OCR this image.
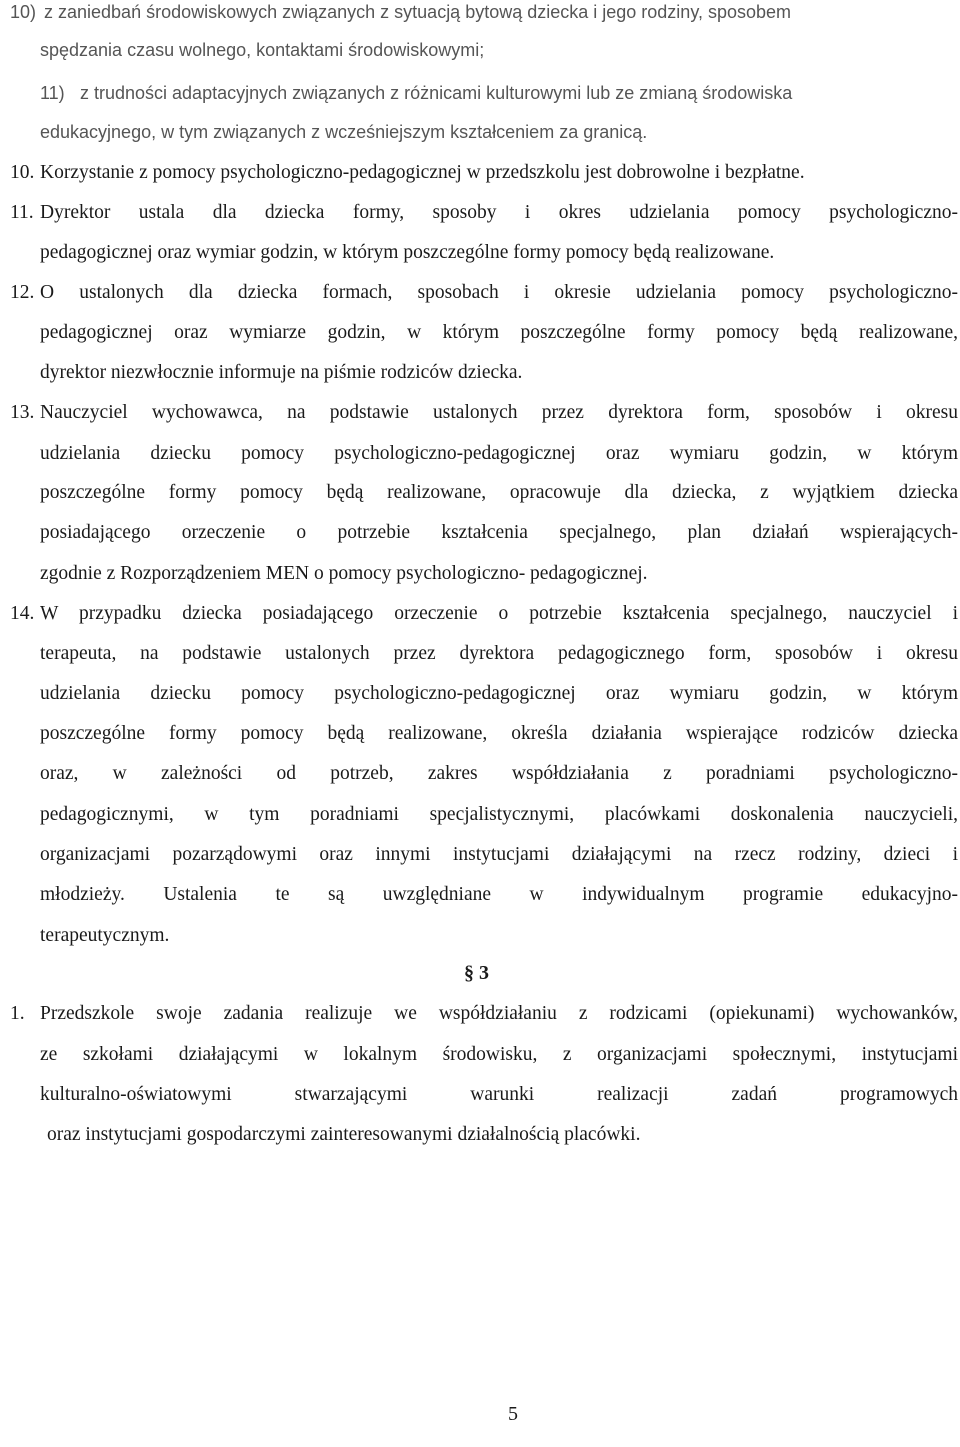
10) z zaniedbań środowiskowych związanych z sytuacją bytową dziecka i jego rodziny, sposobem
spędzania czasu wolnego, kontaktami środowiskowymi;
11) z trudności adaptacyjnych związanych z różnicami kulturowymi lub ze zmianą środowiska
edukacyjnego, w tym związanych z wcześniejszym kształceniem za granicą.
10. Korzystanie z pomocy psychologiczno-pedagogicznej w przedszkolu jest dobrowolne i bezpłatne.
11. Dyrektor ustala dla dziecka formy, sposoby i okres udzielania pomocy psychologiczno-
pedagogicznej oraz wymiar godzin, w którym poszczególne formy pomocy będą realizowane.
12. O ustalonych dla dziecka formach, sposobach i okresie udzielania pomocy psychologiczno-
pedagogicznej oraz wymiarze godzin, w którym poszczególne formy pomocy będą realizowane,
dyrektor niezwłocznie informuje na piśmie rodziców dziecka.
13. Nauczyciel wychowawca, na podstawie ustalonych przez dyrektora form, sposobów i okresu
udzielania dziecku pomocy psychologiczno-pedagogicznej oraz wymiaru godzin, w którym
poszczególne formy pomocy będą realizowane, opracowuje dla dziecka, z wyjątkiem dziecka
posiadającego orzeczenie o potrzebie kształcenia specjalnego, plan działań wspierających-
zgodnie z Rozporządzeniem MEN o pomocy psychologiczno- pedagogicznej.
14. W przypadku dziecka posiadającego orzeczenie o potrzebie kształcenia specjalnego, nauczyciel i
terapeuta, na podstawie ustalonych przez dyrektora pedagogicznego form, sposobów i okresu
udzielania dziecku pomocy psychologiczno-pedagogicznej oraz wymiaru godzin, w którym
poszczególne formy pomocy będą realizowane, określa działania wspierające rodziców dziecka
oraz, w zależności od potrzeb, zakres współdziałania z poradniami psychologiczno-
pedagogicznymi, w tym poradniami specjalistycznymi, placówkami doskonalenia nauczycieli,
organizacjami pozarządowymi oraz innymi instytucjami działającymi na rzecz rodziny, dzieci i
młodzieży. Ustalenia te są uwzględniane w indywidualnym programie edukacyjno-
terapeutycznym.
§ 3
1. Przedszkole swoje zadania realizuje we współdziałaniu z rodzicami (opiekunami) wychowanków,
ze szkołami działającymi w lokalnym środowisku, z organizacjami społecznymi, instytucjami
kulturalno-oświatowymi stwarzającymi warunki realizacji zadań programowych
oraz instytucjami gospodarczymi zainteresowanymi działalnością placówki.
5
